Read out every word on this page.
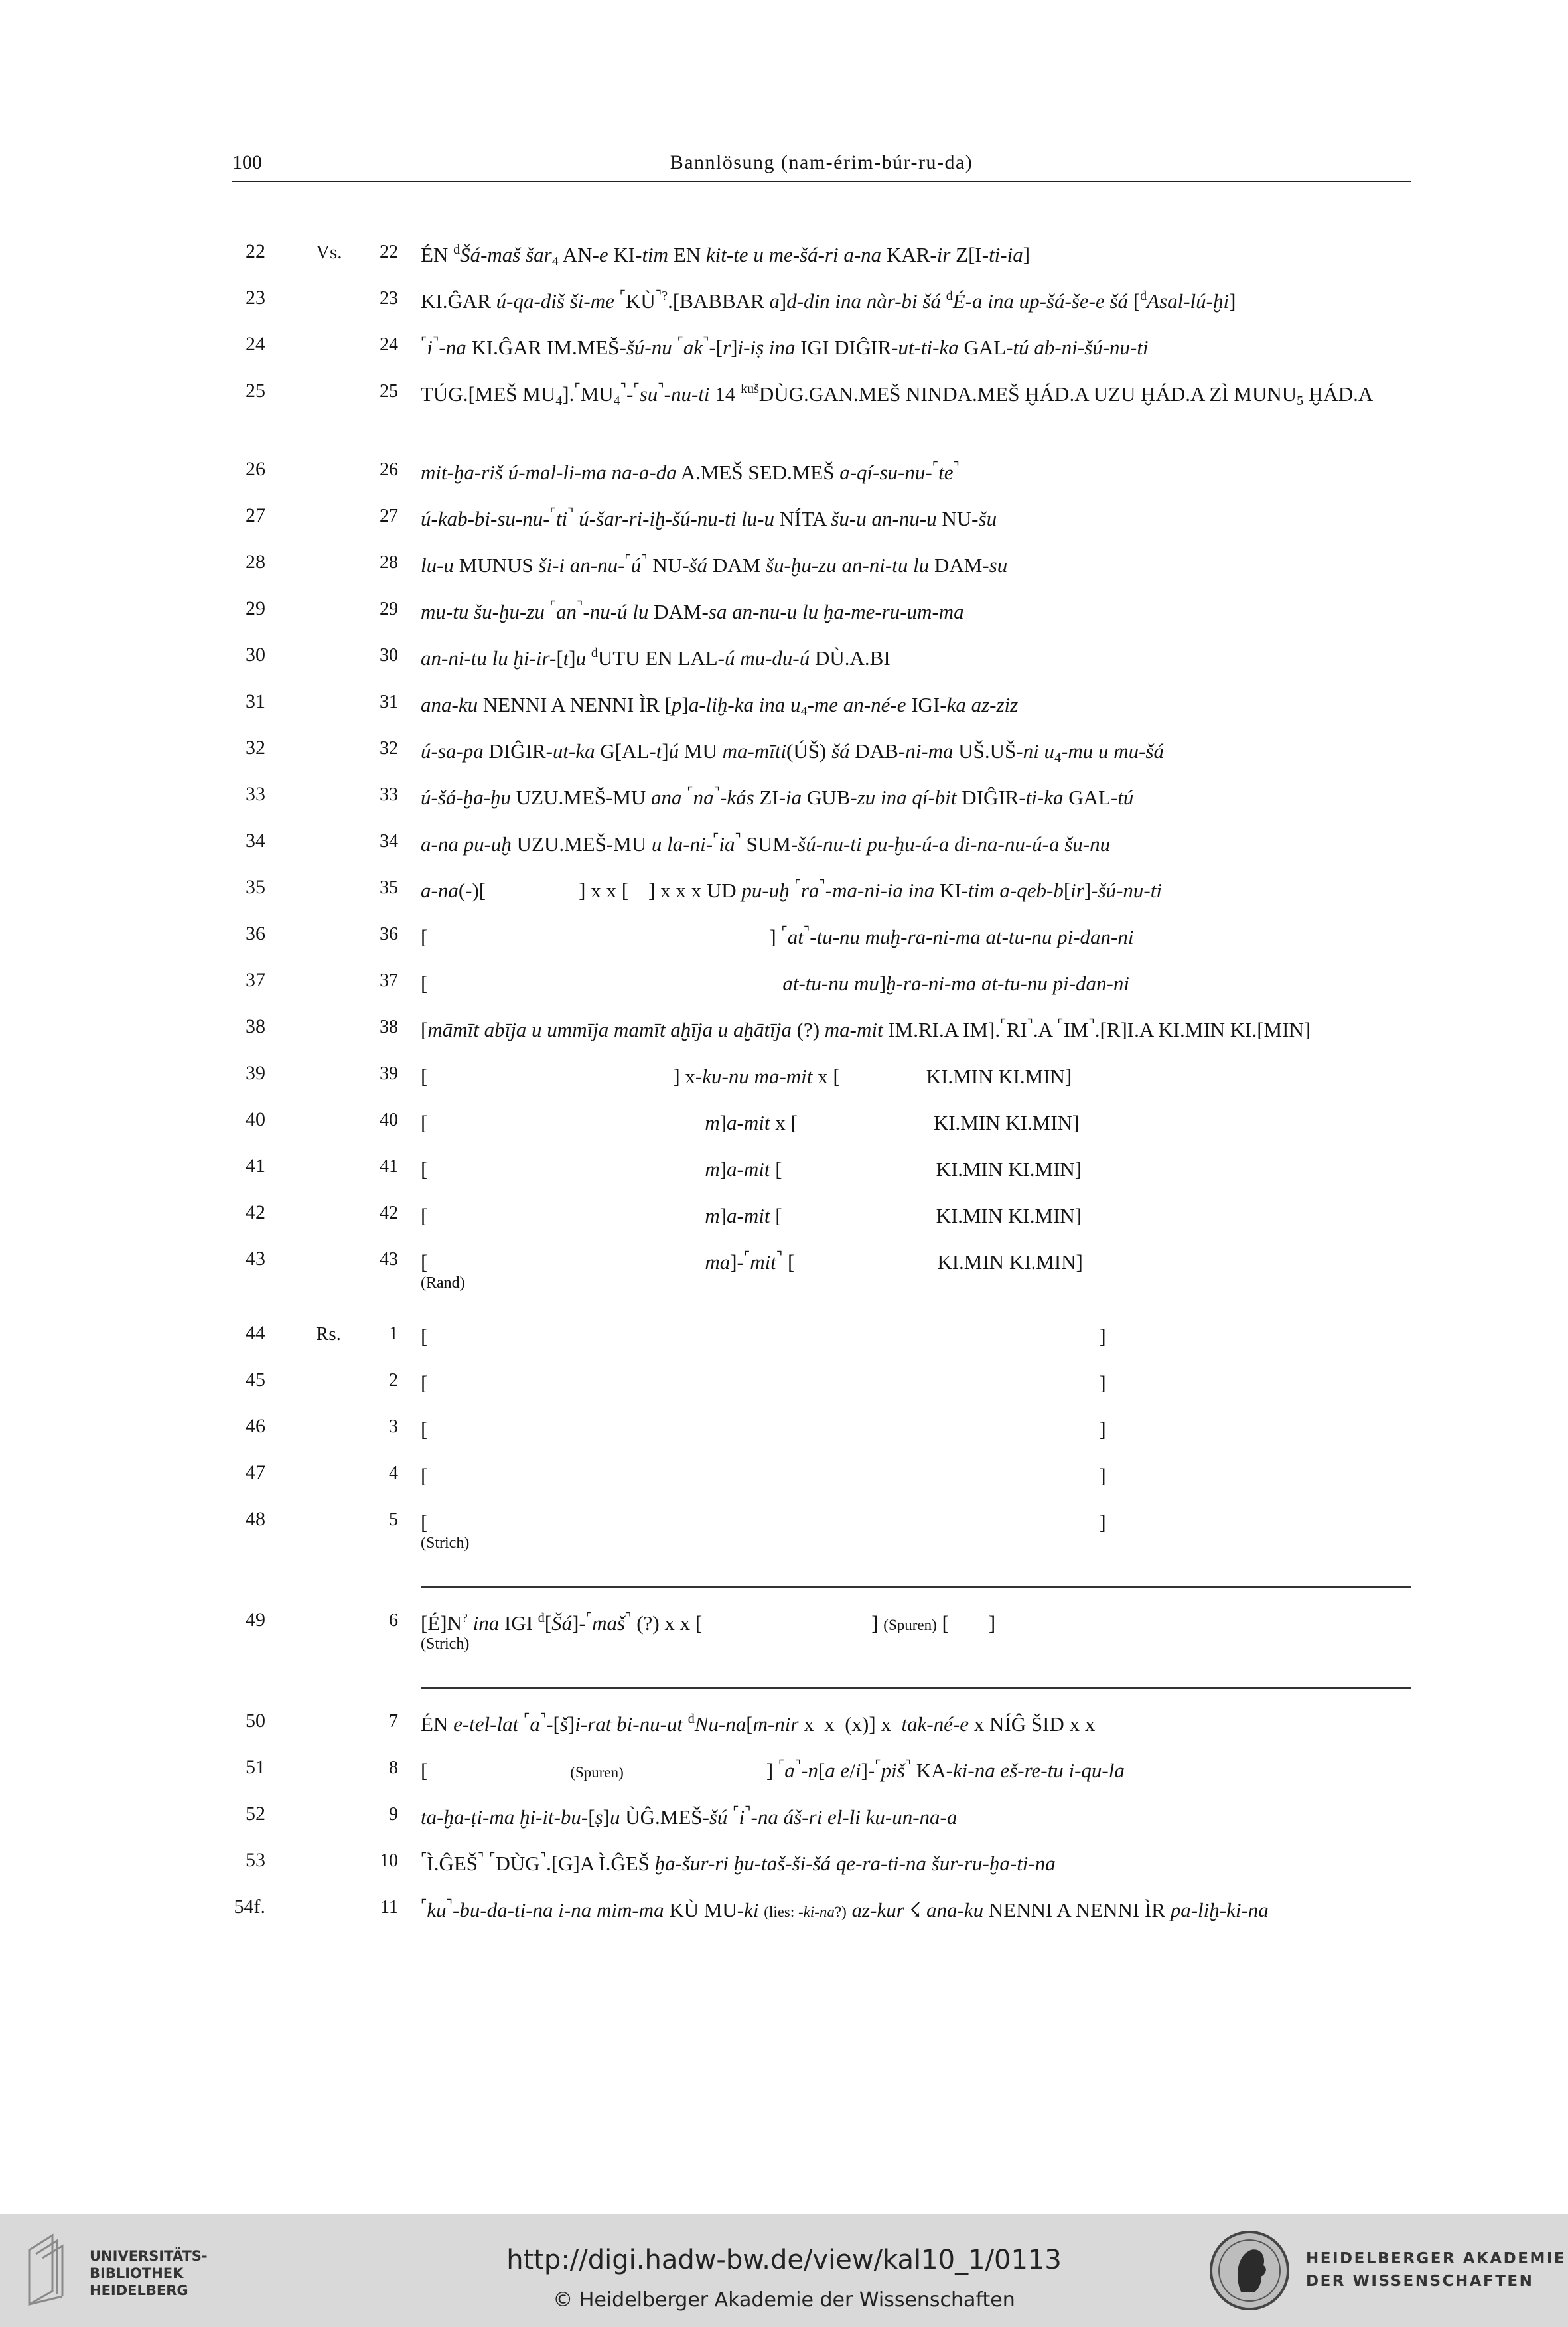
100	Bannlösung (nam-érim-búr-ru-da)
22	Vs.	22 ÉN $^d$Šá-maš šar$_4$ AN-e KI-tim EN kit-te u me-šá-ri a-na KAR-ir Z[I-ti-ia]
23	23 KI.ĜAR ú-qa-diš ši-me ⌜KÙ⌝?.[BABBAR a]d-din ina nàr-bi šá $^d$É-a ina up-šá-še-e šá [$^d$Asal-lú-ḫi]
24	24 ⌜i⌝-na KI.ĜAR IM.MEŠ-šú-nu ⌜ak⌝-[r]i-iṣ ina IGI DIĜIR-ut-ti-ka GAL-tú ab-ni-šú-nu-ti
25	25 TÚG.[MEŠ $MU_4].^⌜MU_4^⌝-^⌜su^⌝-nu-ti$ 14 $^{kuš}$DÙG.GAN.MEŠ NINDA.MEŠ ḪÁD.A UZU ḪÁD.A ZÌ $MUNU_5$ ḪÁD.A
26	26 mit-ḫa-riš ú-mal-li-ma na-a-da A.MEŠ SED.MEŠ a-qí-su-nu-⌜te⌝
27	27 ú-kab-bi-su-nu-⌜ti⌝ ú-šar-ri-iḫ-šú-nu-ti lu-u NÍTA šu-u an-nu-u NU-šu
28	28 lu-u MUNUS ši-i an-nu-⌜ú⌝ NU-šá DAM šu-ḫu-zu an-ni-tu lu DAM-su
29	29 mu-tu šu-ḫu-zu ⌜an⌝-nu-ú lu DAM-sa an-nu-u lu ḫa-me-ru-um-ma
30	30 an-ni-tu lu ḫi-ir-[t]u $^d$UTU EN LAL-ú mu-du-ú DÙ.A.BI
31	31 ana-ku NENNI A NENNI ÌR [p]a-liḫ-ka ina $u_4-me$ an-né-e IGI-ka az-ziz
32	32 ú-sa-pa DIĜIR-ut-ka G[AL-t]ú MU ma-mīti(ÚŠ) šá DAB-ni-ma UŠ.UŠ-ni $u_4-mu$ u mu-šá
33	33 ú-šá-ḫa-ḫu UZU.MEŠ-MU ana ⌜na⌝-kás ZI-ia GUB-zu ina qí-bit DIĜIR-ti-ka GAL-tú
34	34 a-na pu-uḫ UZU.MEŠ-MU u la-ni-⌜ia⌝ SUM-šú-nu-ti pu-ḫu-ú-a di-na-nu-ú-a šu-nu
35	35 a-na(-)[	] x x [ ] x x x UD pu-uḫ ⌜ra⌝-ma-ni-ia ina KI-tim a-qeb-b[ir]-šú-nu-ti
36	36 [	] ⌜at⌝-tu-nu muḫ-ra-ni-ma at-tu-nu pi-dan-ni
37	37 [	at-tu-nu mu]ḫ-ra-ni-ma at-tu-nu pi-dan-ni
38	38 [māmīt abīja u ummīja mamīt aḫīja u aḫātīja (?) ma-mit IM.RI.A IM].⌜RI⌝.A ⌜IM⌝.[R]I.A KI.MIN KI.[MIN]
39	39 [	] x-ku-nu ma-mit x [	KI.MIN KI.MIN]
40	40 [	m]a-mit x [	KI.MIN KI.MIN]
41	41 [	m]a-mit [	KI.MIN KI.MIN]
42	42 [	m]a-mit [	KI.MIN KI.MIN]
43	43 [	ma]-⌜mit⌝ [	KI.MIN KI.MIN]
(Rand)
44	Rs.	1 [	]
45	2 [	]
46	3 [	]
47	4 [	]
48	5 [	]
(Strich)
49	6 [É]N? ina IGI $^d$[Šá]-⌜maš⌝ (?) x x [	] (Spuren) [ ]
(Strich)
50	7 ÉN e-tel-lat ⌜a⌝-[š]i-rat bi-nu-ut $^d$Nu-na[m-nir x  x  (x)] x  tak-né-e x NÍĜ ŠID x x
51	8 [	(Spuren)	] ⌜a⌝-n[a e/i]-⌜piš⌝ KA-ki-na eš-re-tu i-qu-la
52	9 ta-ḫa-ṭi-ma ḫi-it-bu-[ṣ]u ÙĜ.MEŠ-šú ⌜i⌝-na áš-ri el-li ku-un-na-a
53	10 ⌜Ì.ĜEŠ⌝ ⌜DÙG⌝.[G]A Ì.ĜEŠ ḫa-šur-ri ḫu-taš-ši-šá qe-ra-ti-na šur-ru-ḫa-ti-na
54f.	11 ⌜ku⌝-bu-da-ti-na i-na mim-ma KÙ MU-ki (lies: -ki-na?) az-kur ☇ ana-ku NENNI A NENNI ÌR pa-liḫ-ki-na
UNIVERSITÄTS-
BIBLIOTHEK
HEIDELBERG
http://digi.hadw-bw.de/view/kal10_1/0113
© Heidelberger Akademie der Wissenschaften
HEIDELBERGER AKADEMIE
DER WISSENSCHAFTEN
